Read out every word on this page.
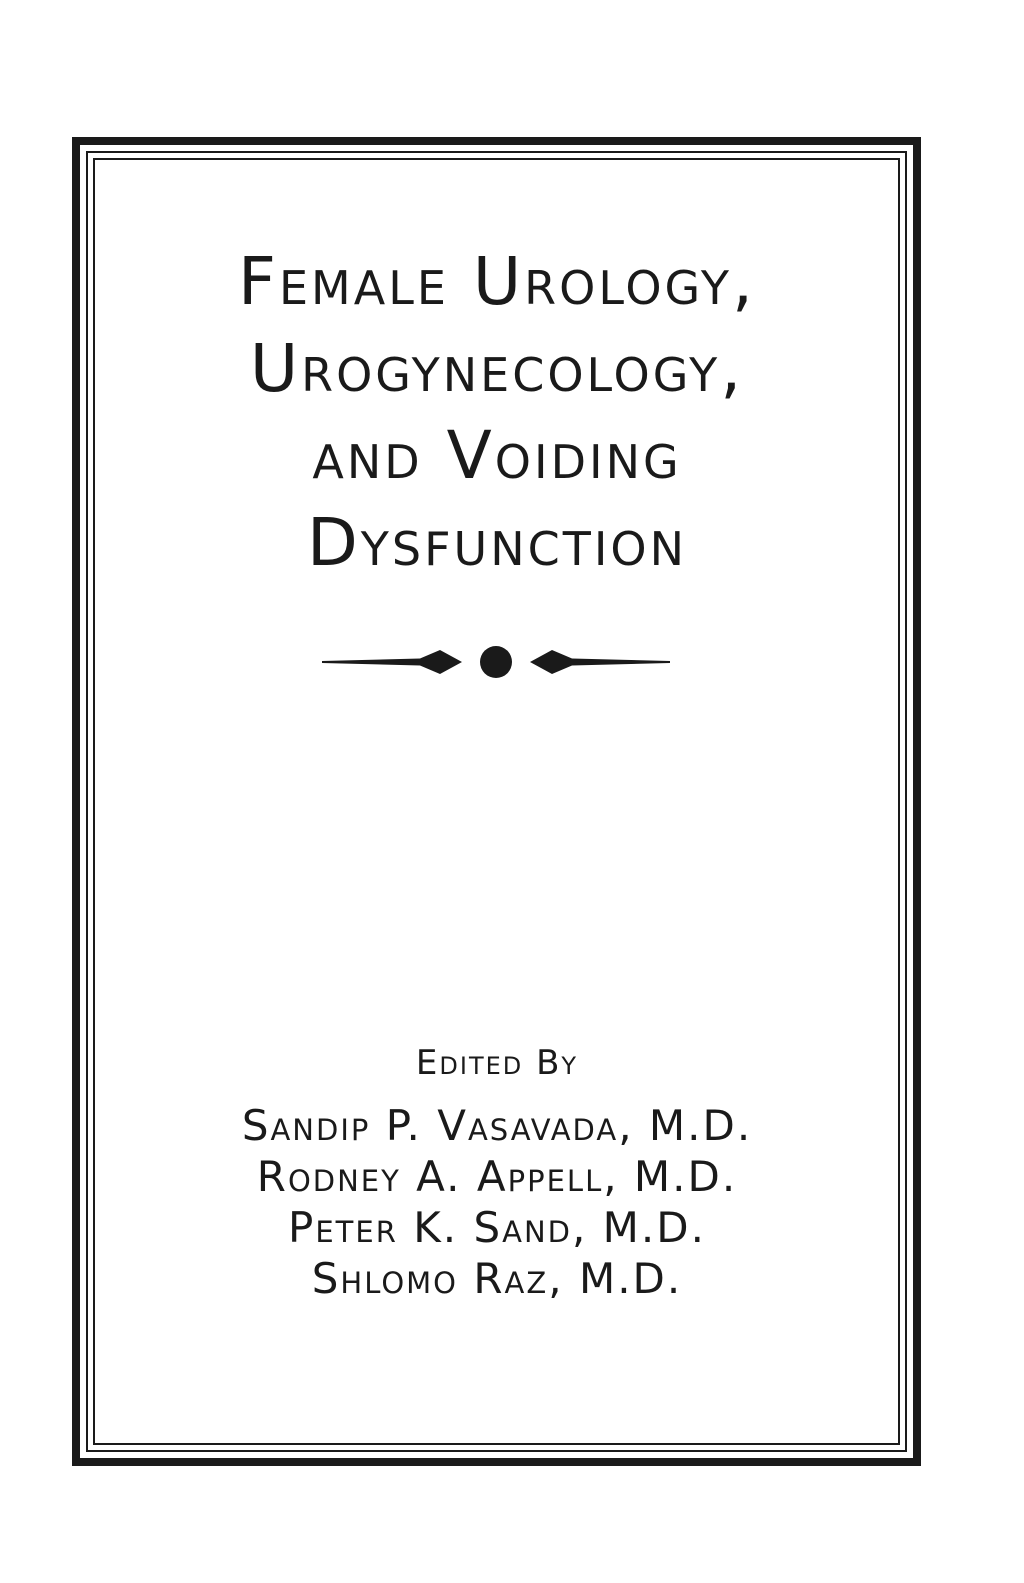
Female Urology,
Urogynecology,
and Voiding
Dysfunction
Edited By
Sandip P. Vasavada, M.D.
Rodney A. Appell, M.D.
Peter K. Sand, M.D.
Shlomo Raz, M.D.
